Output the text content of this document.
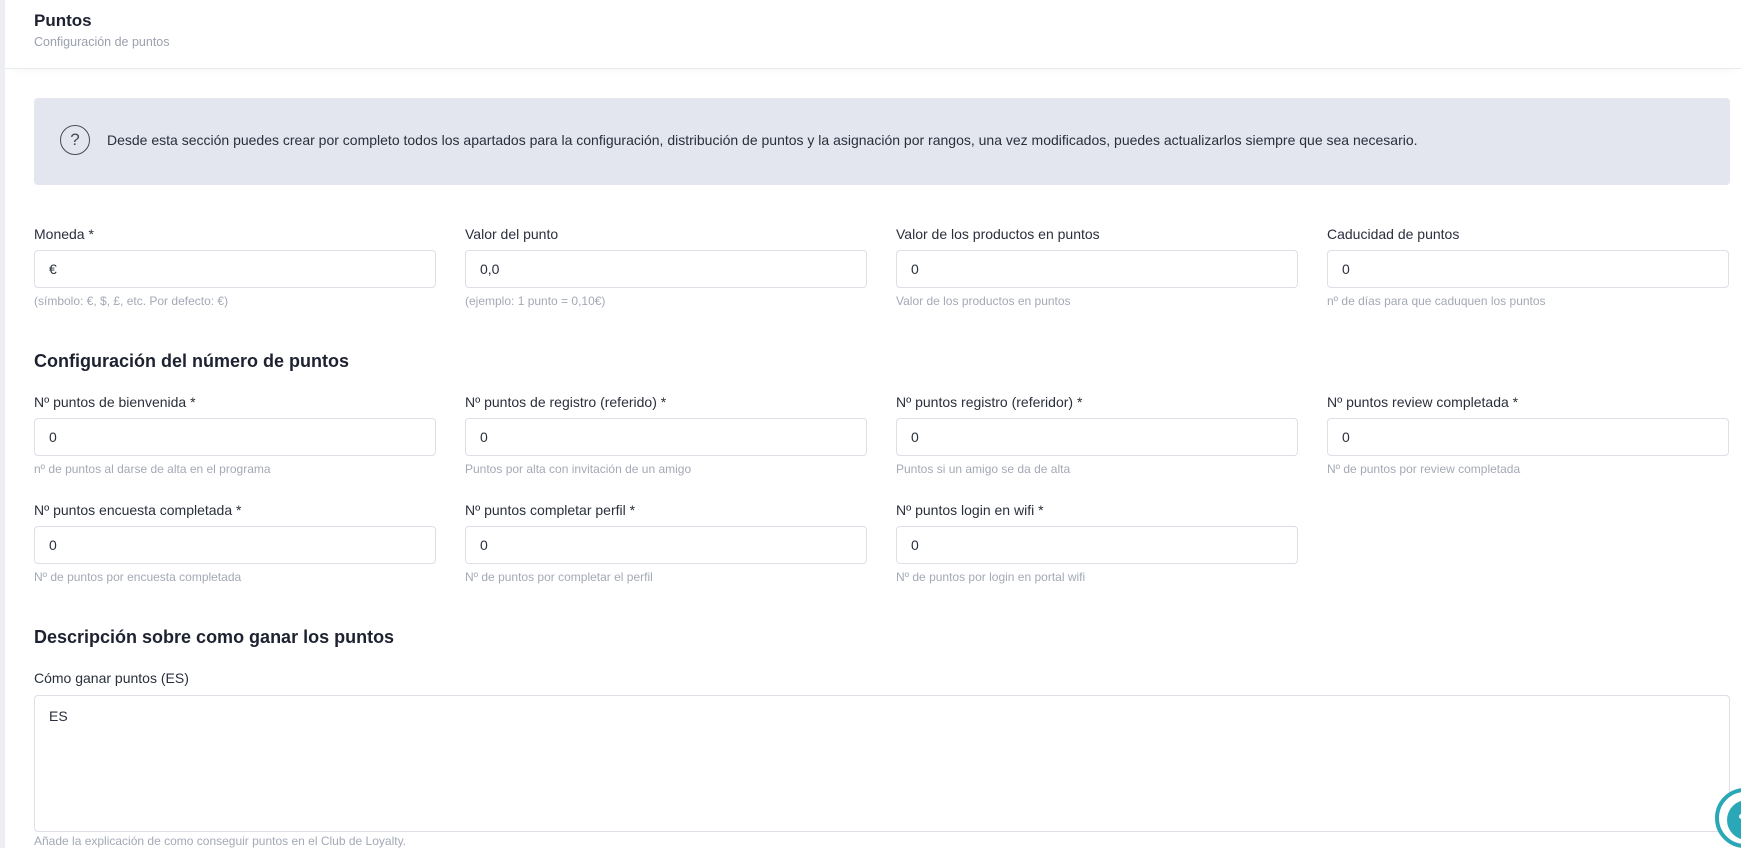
Puntos
Configuración de puntos
?	Desde esta sección puedes crear por completo todos los apartados para la configuración, distribución de puntos y la asignación por rangos, una vez modificados, puedes actualizarlos siempre que sea necesario.
Moneda *
€
(símbolo: €, $, £, etc. Por defecto: €)
Valor del punto
0,0
(ejemplo: 1 punto = 0,10€)
Valor de los productos en puntos
0
Valor de los productos en puntos
Caducidad de puntos
0
nº de días para que caduquen los puntos
Configuración del número de puntos
Nº puntos de bienvenida *
0
nº de puntos al darse de alta en el programa
Nº puntos de registro (referido) *
0
Puntos por alta con invitación de un amigo
Nº puntos registro (referidor) *
0
Puntos si un amigo se da de alta
Nº puntos review completada *
0
Nº de puntos por review completada
Nº puntos encuesta completada *
0
Nº de puntos por encuesta completada
Nº puntos completar perfil *
0
Nº de puntos por completar el perfil
Nº puntos login en wifi *
0
Nº de puntos por login en portal wifi
Descripción sobre como ganar los puntos
Cómo ganar puntos (ES)
ES
Añade la explicación de como conseguir puntos en el Club de Loyalty.
